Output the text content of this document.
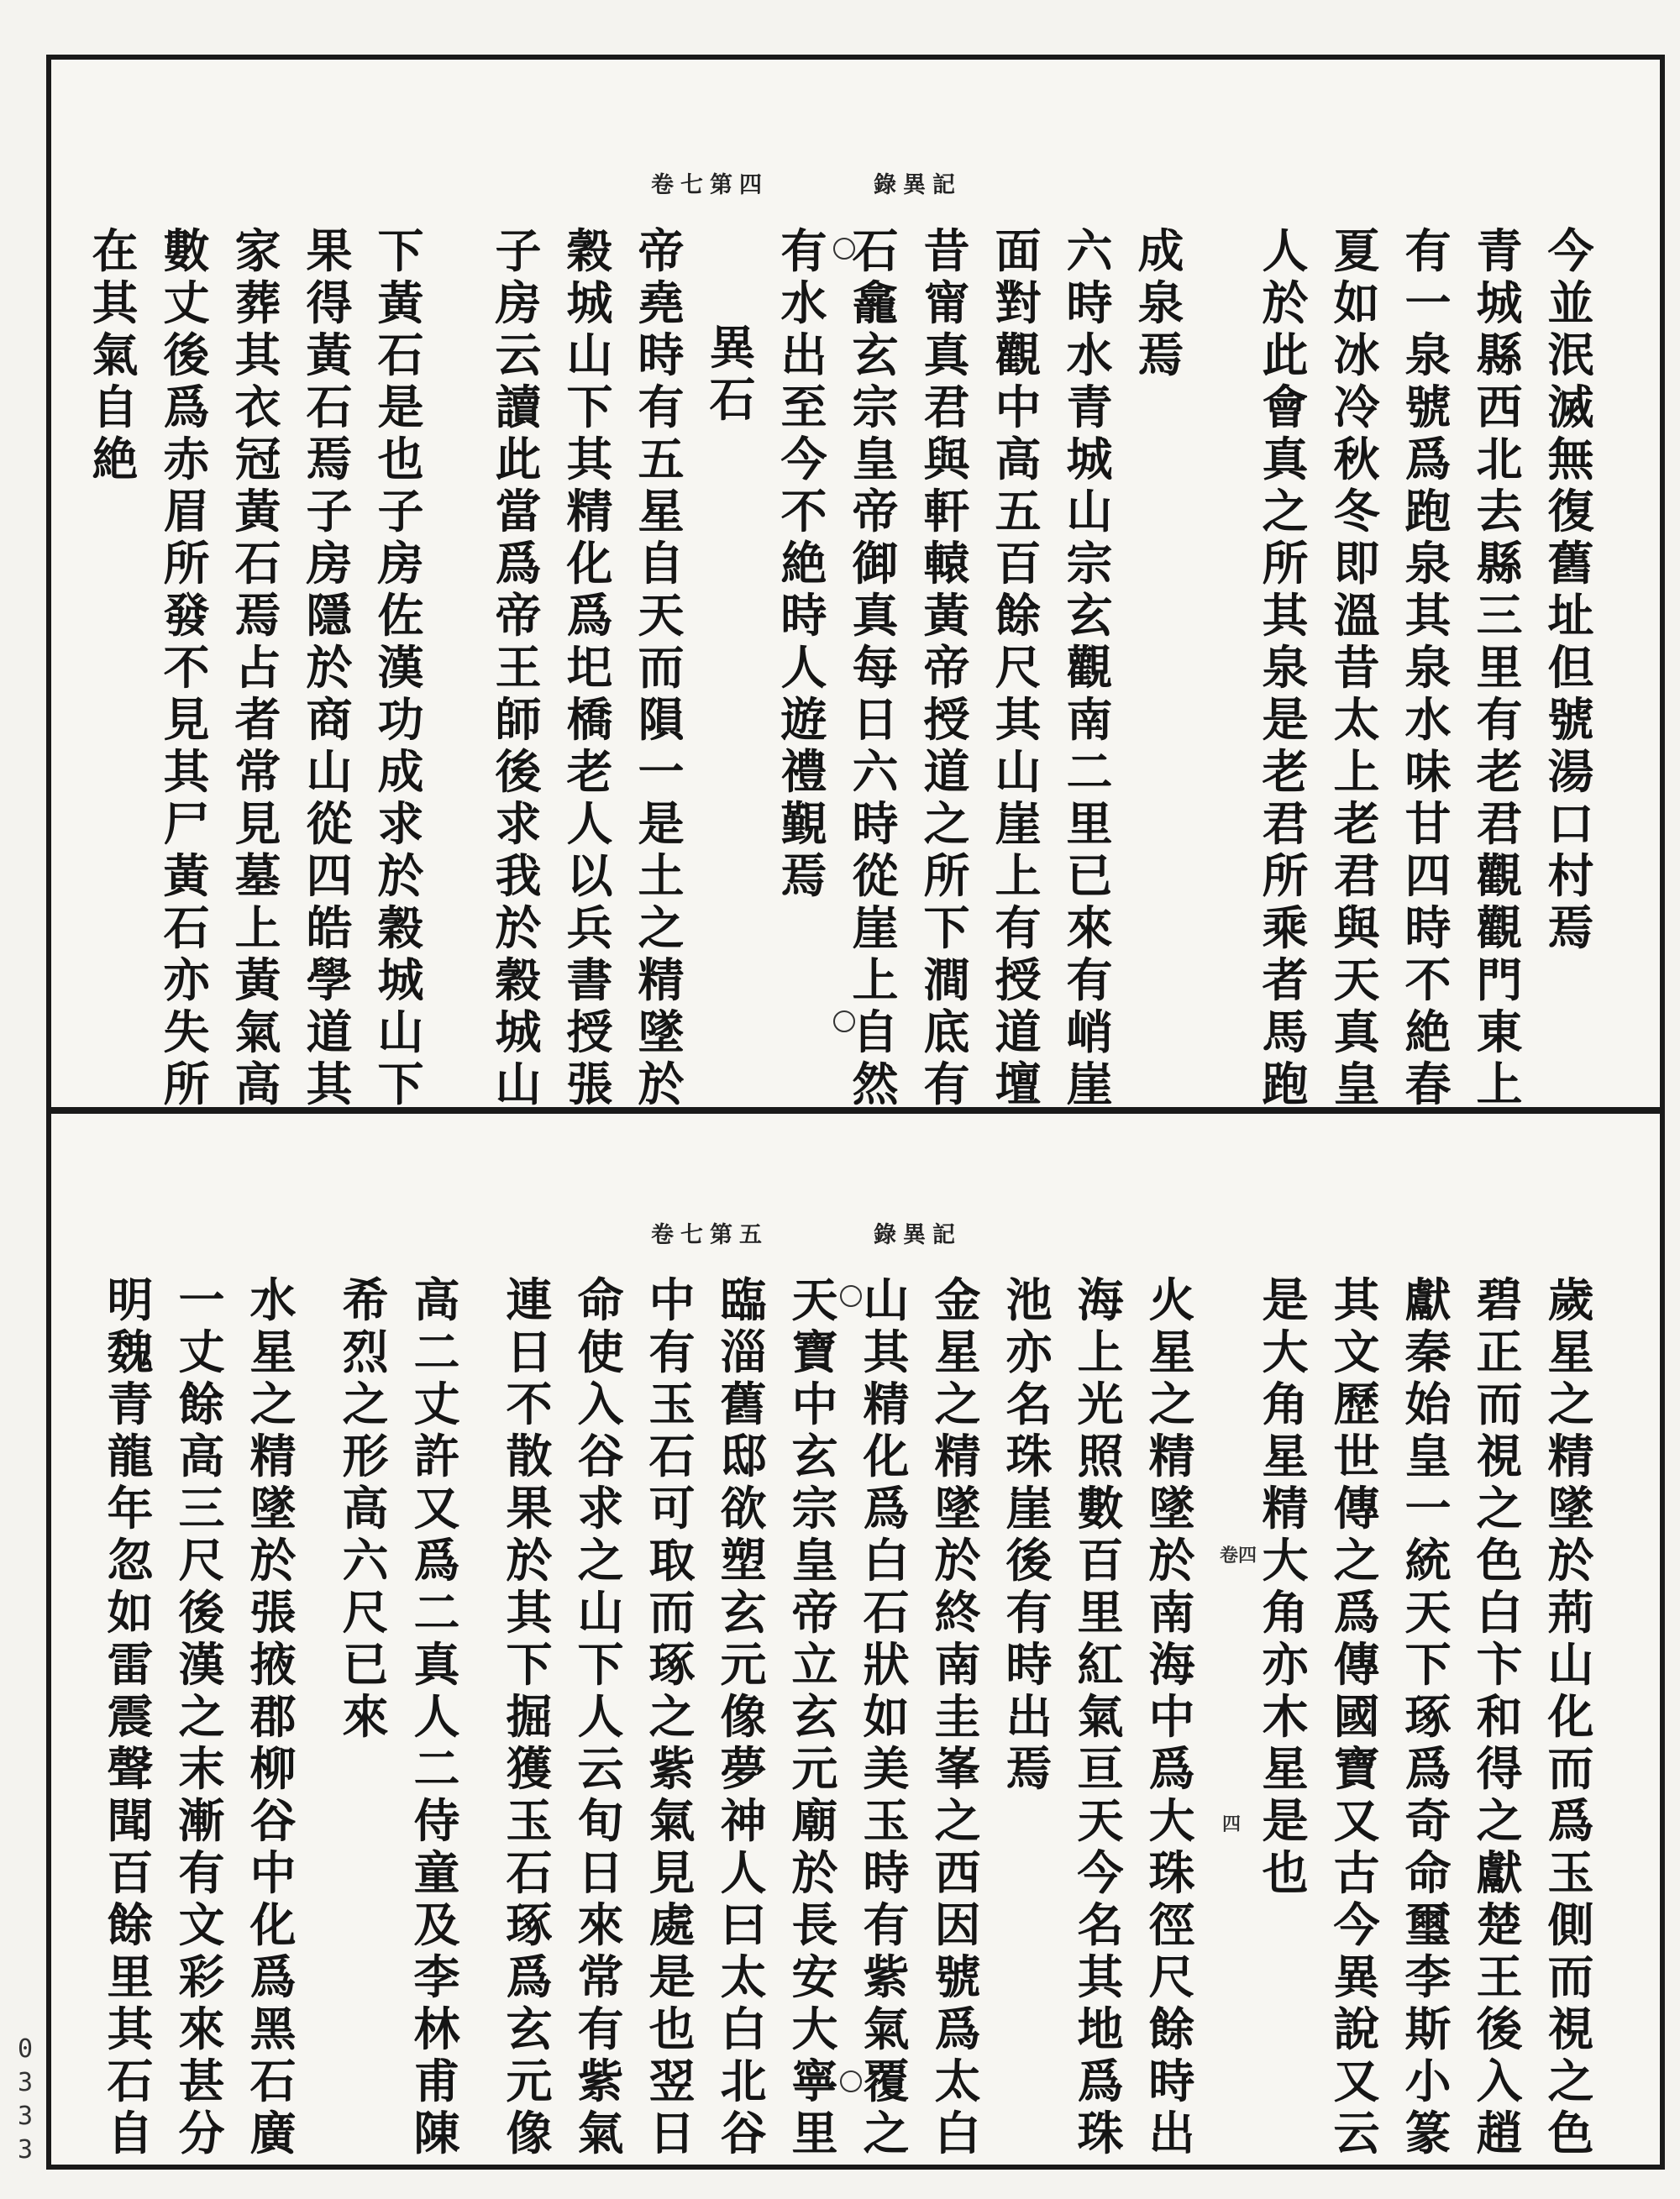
錄異記
卷七第四
今並泯滅無復舊址但號湯口村焉
青城縣西北去縣三里有老君觀觀門東上
有一泉號爲跑泉其泉水味甘四時不絶春
夏如冰冷秋冬即溫昔太上老君與天真皇
人於此會真之所其泉是老君所乘者馬跑
成泉焉
六時水青城山宗玄觀南二里已來有峭崖
面對觀中高五百餘尺其山崖上有授道壇
昔甯真君與軒轅黃帝授道之所下澗底有
石龕玄宗皇帝御真每日六時從崖上自然
有水出至今不絶時人遊禮覲焉
異石
帝堯時有五星自天而隕一是土之精墜於
穀城山下其精化爲圯橋老人以兵書授張
子房云讀此當爲帝王師後求我於穀城山
下黃石是也子房佐漢功成求於穀城山下
果得黃石焉子房隱於商山從四皓學道其
家葬其衣冠黃石焉占者常見墓上黃氣高
數丈後爲赤眉所發不見其尸黃石亦失所
在其氣自絶
錄異記
卷七第五
歲星之精墜於荊山化而爲玉側而視之色
碧正而視之色白卞和得之獻楚王後入趙
獻秦始皇一統天下琢爲奇命璽李斯小篆
其文歷世傳之爲傳國寶又古今異說又云
是大角星精大角亦木星是也
火星之精墜於南海中爲大珠徑尺餘時出
海上光照數百里紅氣亘天今名其地爲珠
池亦名珠崖後有時出焉
金星之精墜於終南圭峯之西因號爲太白
山其精化爲白石狀如美玉時有紫氣覆之
天寶中玄宗皇帝立玄元廟於長安大寧里
臨淄舊邸欲塑玄元像夢神人曰太白北谷
中有玉石可取而琢之紫氣見處是也翌日
命使入谷求之山下人云旬日來常有紫氣
連日不散果於其下掘獲玉石琢爲玄元像
高二丈許又爲二真人二侍童及李林甫陳
希烈之形高六尺已來
水星之精墜於張掖郡柳谷中化爲黑石廣
一丈餘高三尺後漢之末漸有文彩來甚分
明魏青龍年忽如雷震聲聞百餘里其石自
卷四
四
0333
